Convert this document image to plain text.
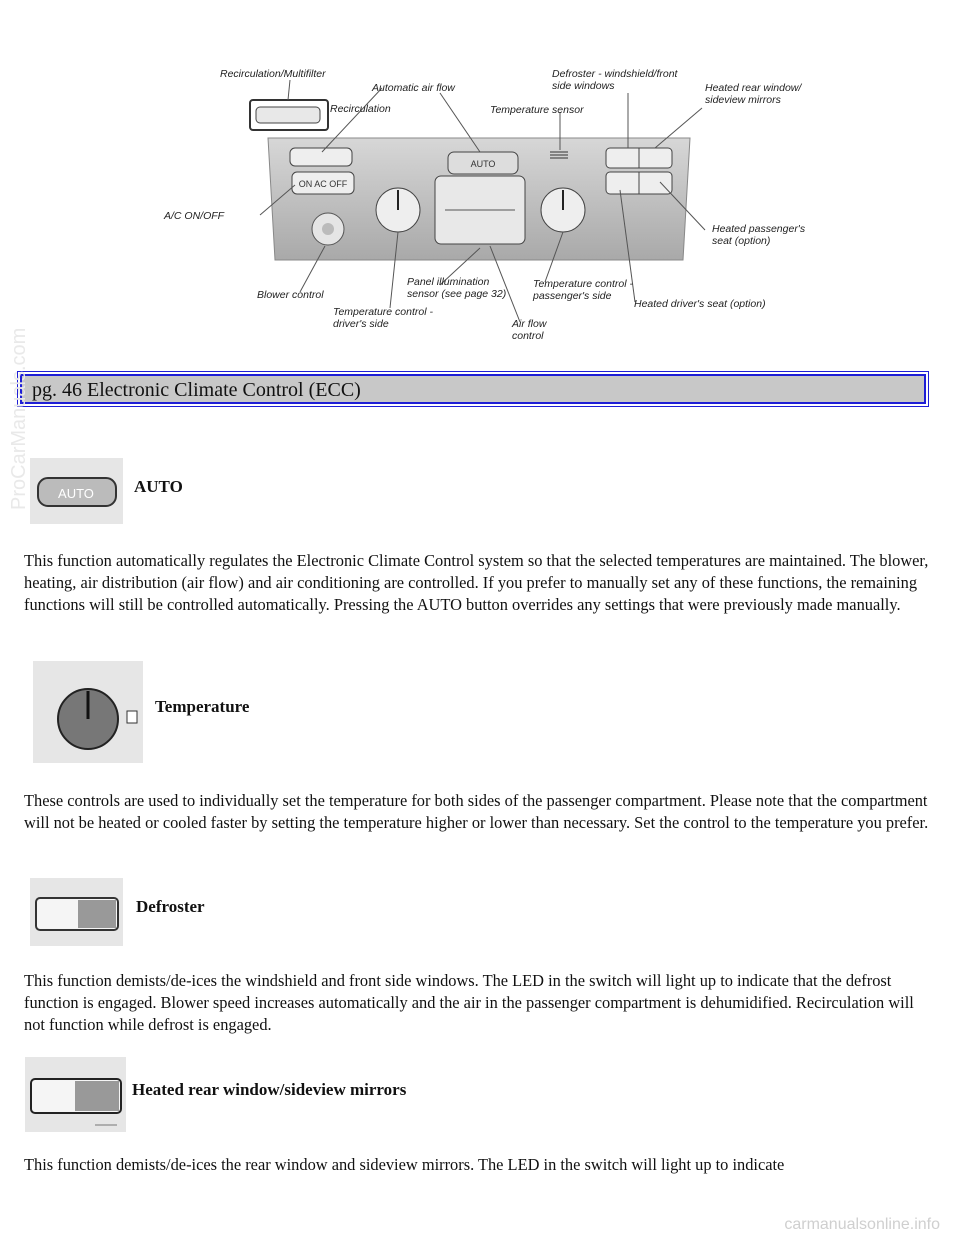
ON AC OFF
AUTO
Recirculation/Multifilter
Automatic air flow
Defroster - windshield/front
side windows	Heated rear window/
sideview mirrors
Recirculation	Temperature sensor
A/C ON/OFF
Heated passenger's
seat (option)
Panel illumination
sensor (see page 32)
Temperature control -
passenger's side
Blower control
Heated driver's seat (option)
Temperature control -
driver's side	Air flow
control
pg. 46 Electronic Climate Control (ECC)
AUTO AUTO

This function automatically regulates the Electronic Climate Control system so that the selected temperatures are maintained. The blower, heating, air distribution (air flow) and air conditioning are controlled. If you prefer to manually set any of these functions, the remaining functions will still be controlled automatically. Pressing the AUTO button overrides any settings that were previously made manually.

Temperature

These controls are used to individually set the temperature for both sides of the passenger compartment. Please note that the compartment will not be heated or cooled faster by setting the temperature higher or lower than necessary. Set the control to the temperature you prefer.

Defroster

This function demists/de-ices the windshield and front side windows. The LED in the switch will light up to indicate that the defrost function is engaged. Blower speed increases automatically and the air in the passenger compartment is dehumidified. Recirculation will not function while defrost is engaged.

Heated rear window/sideview mirrors

This function demists/de-ices the rear window and sideview mirrors. The LED in the switch will light up to indicate

ProCarManuals.com
carmanualsonline.info
